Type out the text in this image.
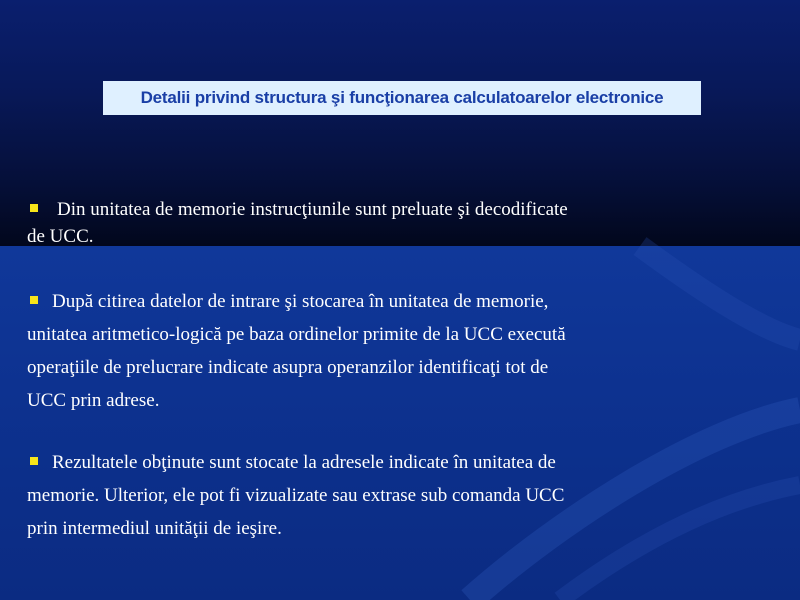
Detalii privind structura şi funcţionarea calculatoarelor electronice

Din unitatea de memorie instrucţiunile sunt preluate şi decodificate
de UCC.

După citirea datelor de intrare şi stocarea în unitatea de memorie,
unitatea aritmetico-logică pe baza ordinelor primite de la UCC execută
operaţiile de prelucrare indicate asupra operanzilor identificaţi tot de
UCC prin adrese.

Rezultatele obţinute sunt stocate la adresele indicate în unitatea de
memorie. Ulterior, ele pot fi vizualizate sau extrase sub comanda UCC
prin intermediul unităţii de ieşire.
